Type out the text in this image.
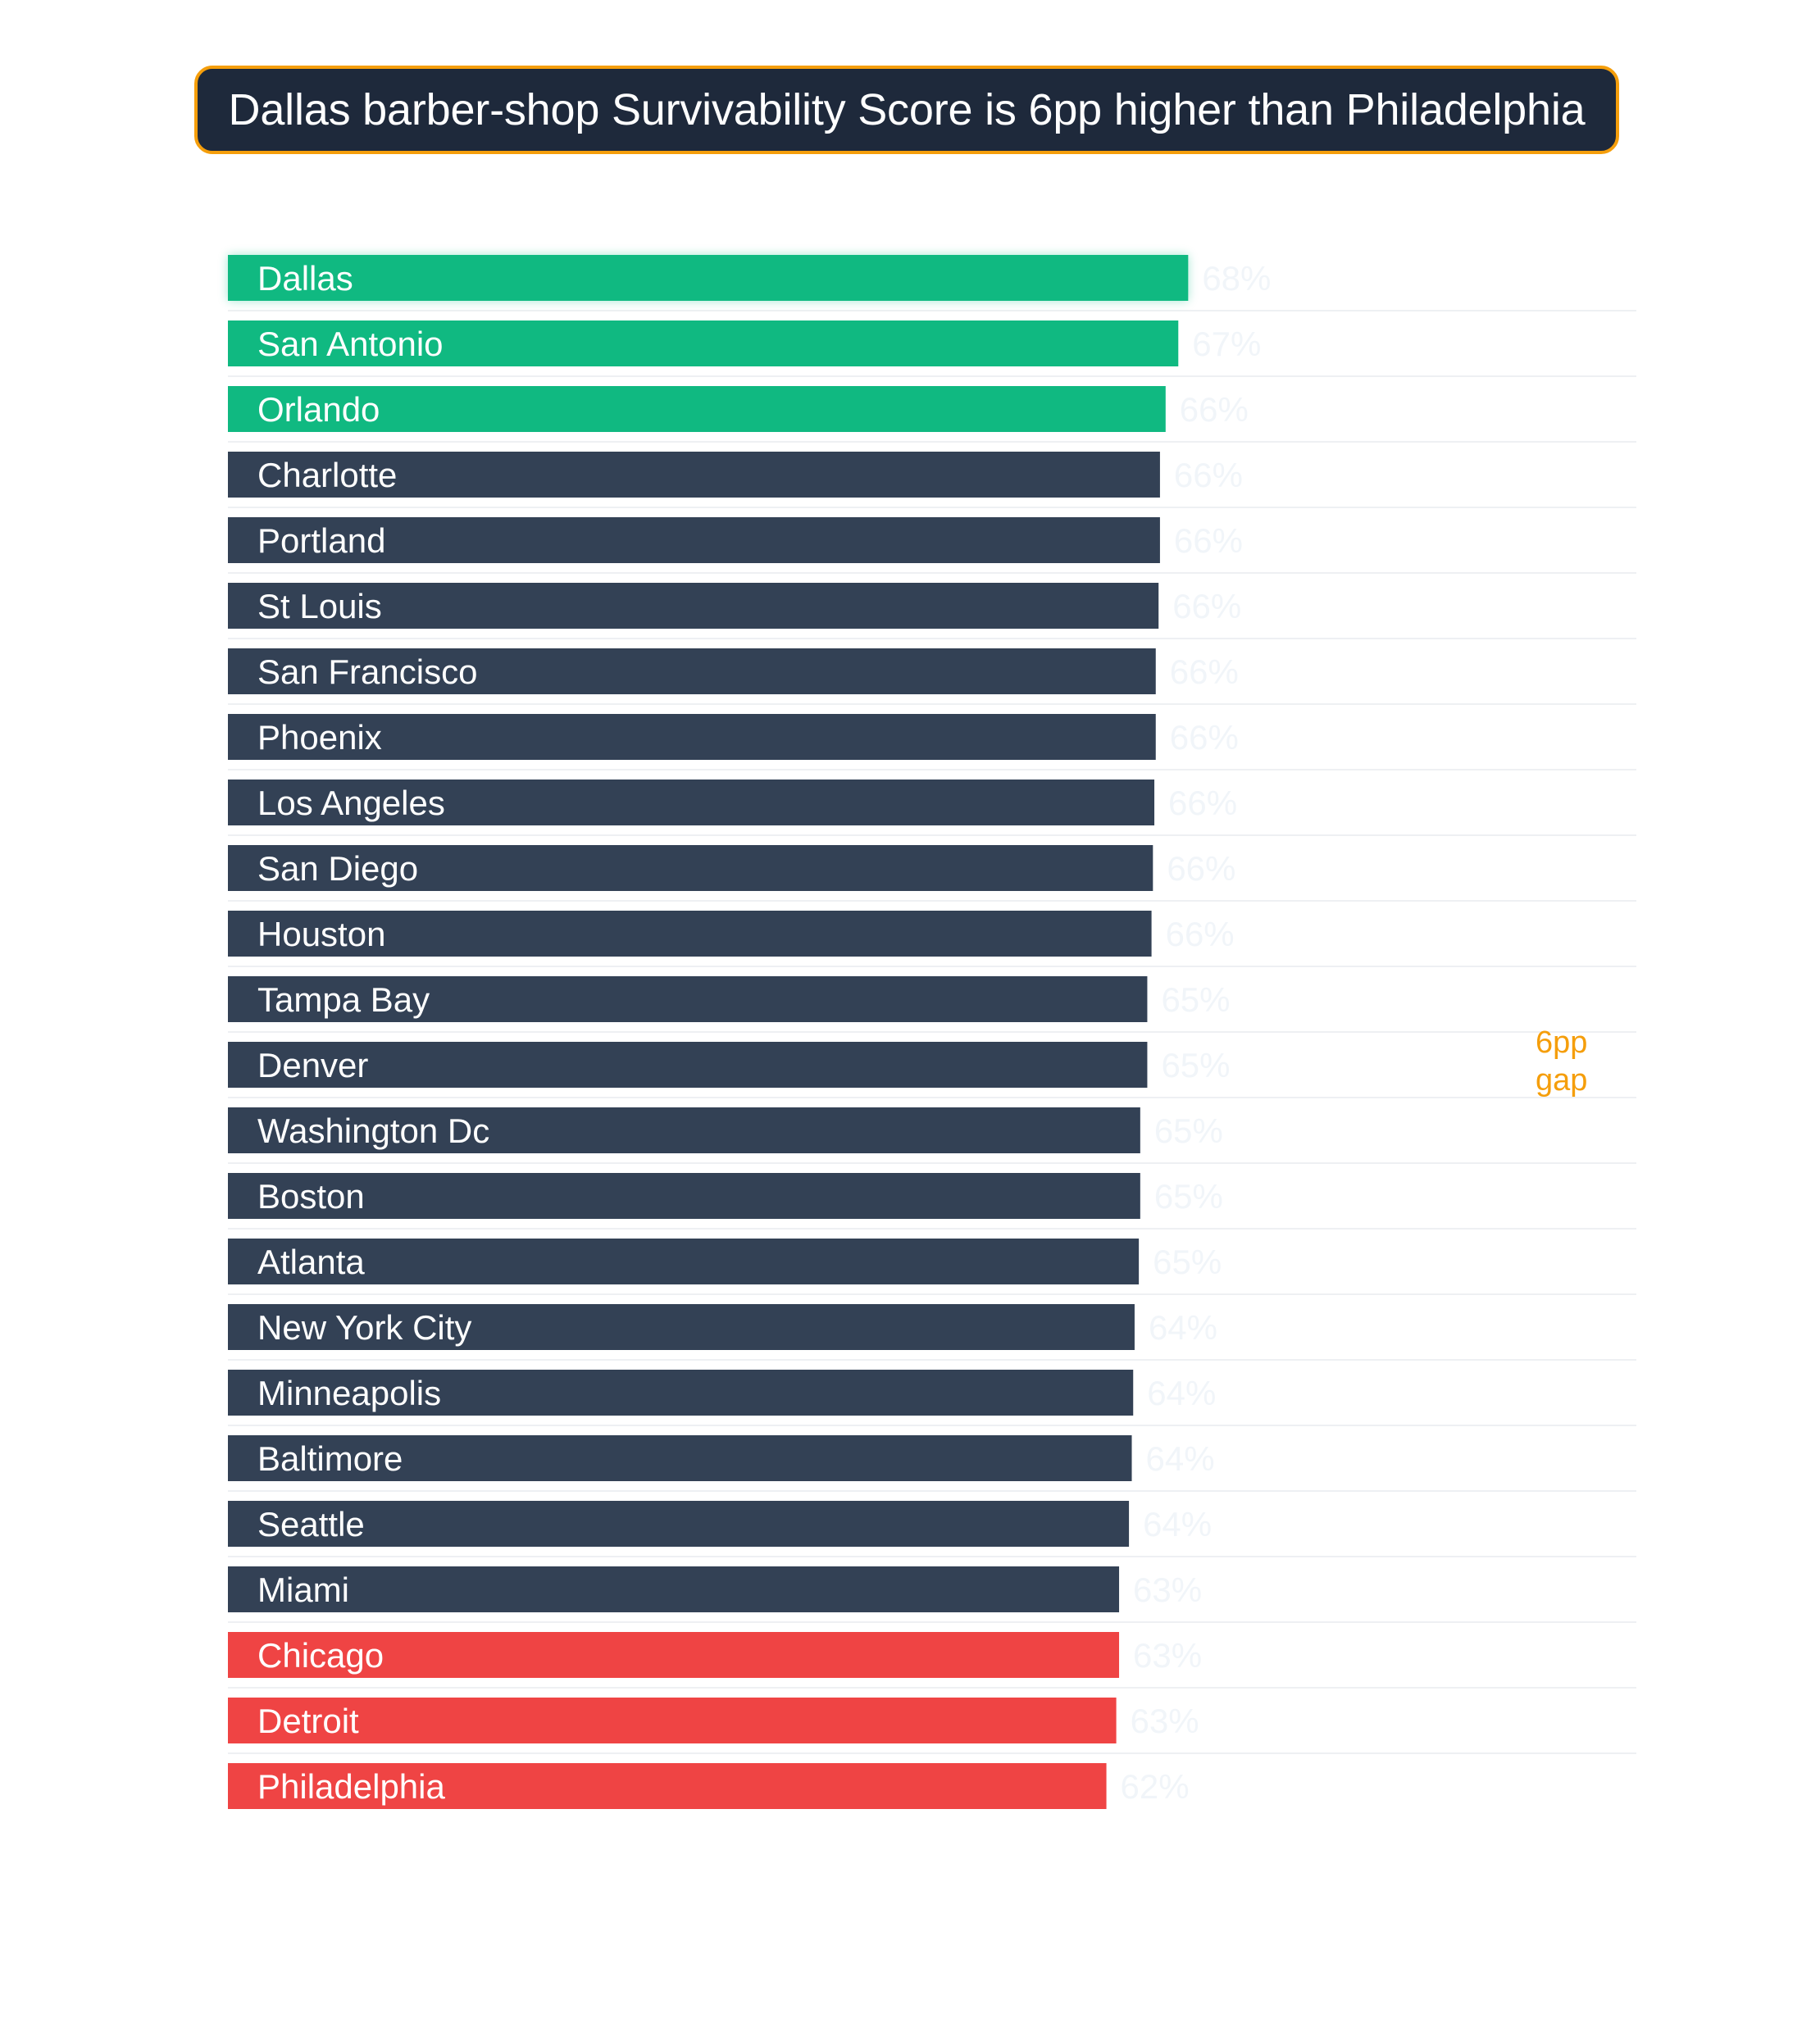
Dallas barber-shop Survivability Score is 6pp higher than Philadelphia
Dallas	68%
San Antonio	67%
Orlando	66%
Charlotte	66%
Portland	66%
St Louis	66%
San Francisco	66%
Phoenix	66%
Los Angeles	66%
San Diego	66%
Houston	66%
Tampa Bay	65%
Denver	65%
Washington Dc	65%
Boston	65%
Atlanta	65%
New York City	64%
Minneapolis	64%
Baltimore	64%
Seattle	64%
Miami	63%
Chicago	63%
Detroit	63%
Philadelphia	62%
6pp gap
